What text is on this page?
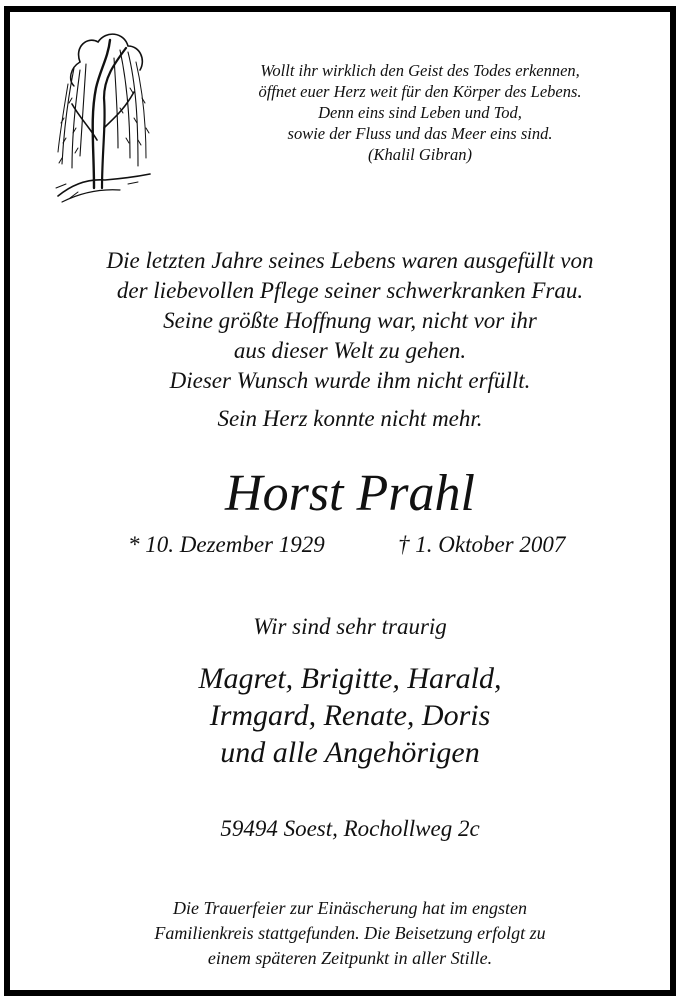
Wollt ihr wirklich den Geist des Todes erkennen,
öffnet euer Herz weit für den Körper des Lebens.
Denn eins sind Leben und Tod,
sowie der Fluss und das Meer eins sind.
(Khalil Gibran)
Die letzten Jahre seines Lebens waren ausgefüllt von
der liebevollen Pflege seiner schwerkranken Frau.
Seine größte Hoffnung war, nicht vor ihr
aus dieser Welt zu gehen.
Dieser Wunsch wurde ihm nicht erfüllt.
Sein Herz konnte nicht mehr.
Horst Prahl
* 10. Dezember 1929	† 1. Oktober 2007
Wir sind sehr traurig
Magret, Brigitte, Harald,
Irmgard, Renate, Doris
und alle Angehörigen
59494 Soest, Rochollweg 2c
Die Trauerfeier zur Einäscherung hat im engsten
Familienkreis stattgefunden. Die Beisetzung erfolgt zu
einem späteren Zeitpunkt in aller Stille.
